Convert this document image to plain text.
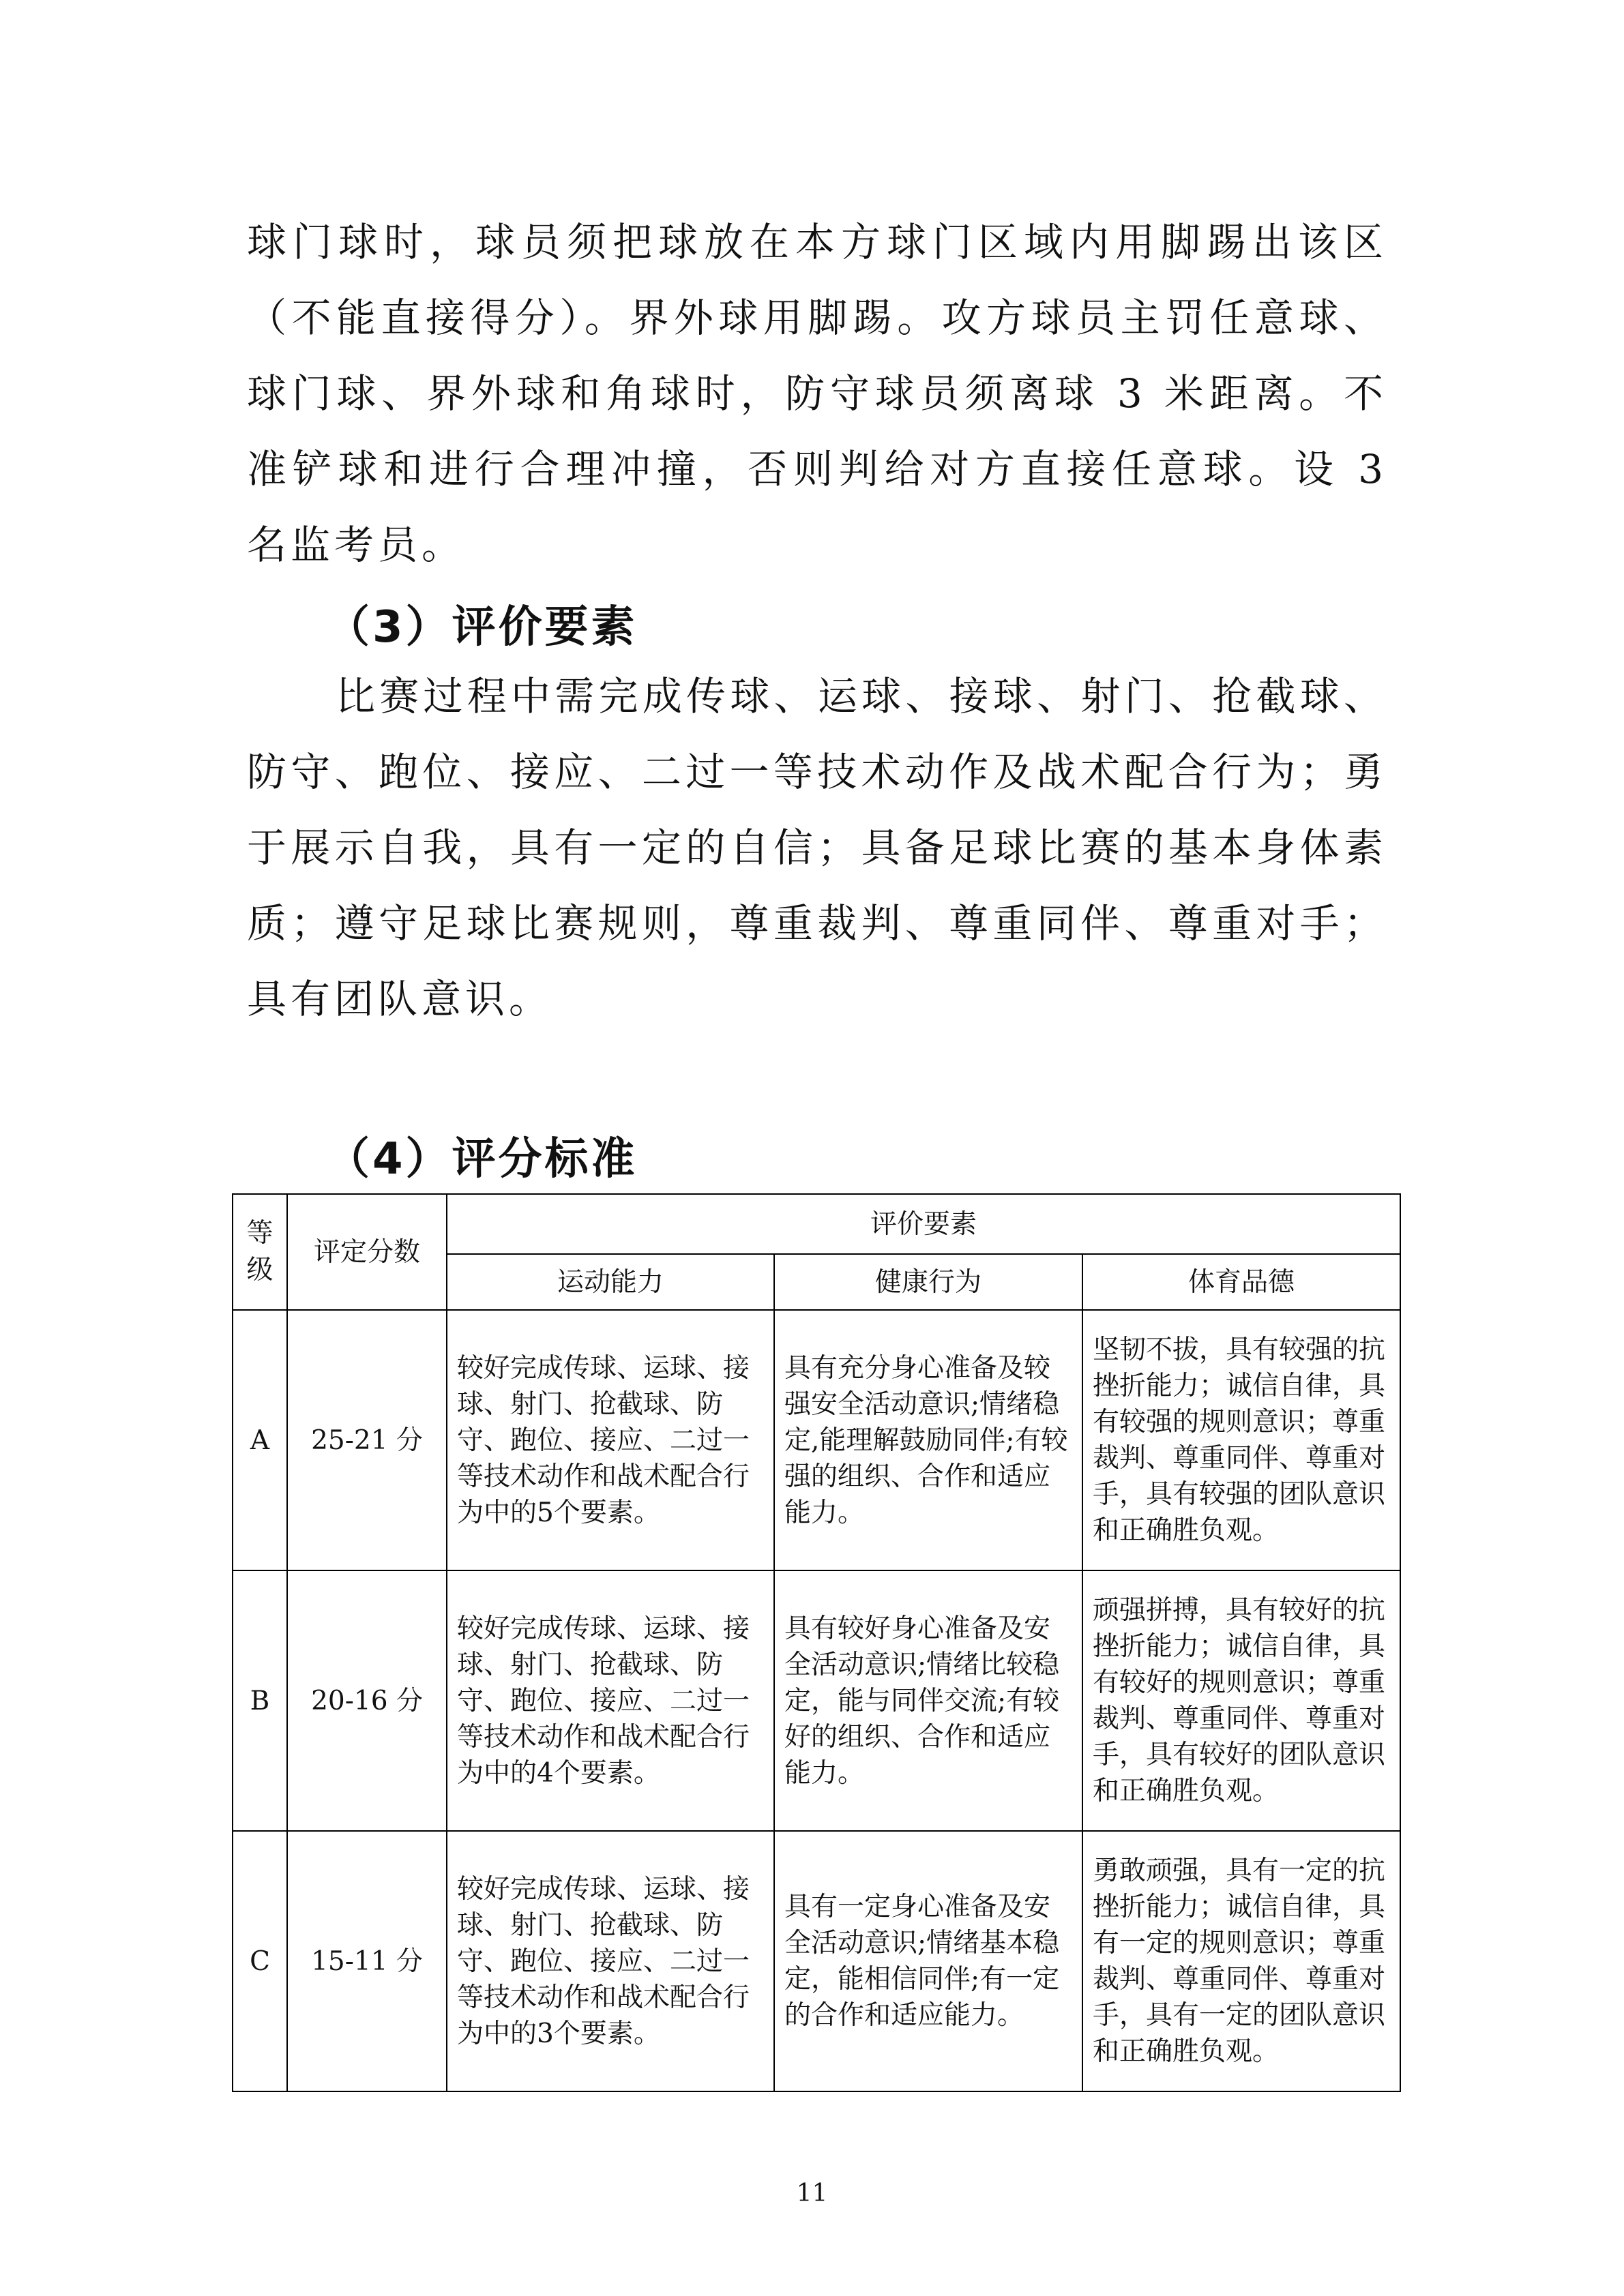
球门球时，球员须把球放在本方球门区域内用脚踢出该区（不能直接得分）。界外球用脚踢。攻方球员主罚任意球、球门球、界外球和角球时，防守球员须离球 3 米距离。不准铲球和进行合理冲撞，否则判给对方直接任意球。设 3 名监考员。
（3）评价要素
比赛过程中需完成传球、运球、接球、射门、抢截球、防守、跑位、接应、二过一等技术动作及战术配合行为；勇于展示自我，具有一定的自信；具备足球比赛的基本身体素质；遵守足球比赛规则，尊重裁判、尊重同伴、尊重对手；具有团队意识。
（4）评分标准
等级	评定分数	评价要素		
		运动能力	健康行为	体育品德
A	25-21 分	较好完成传球、运球、接球、射门、抢截球、防守、跑位、接应、二过一等技术动作和战术配合行为中的5个要素。	具有充分身心准备及较强安全活动意识;情绪稳定,能理解鼓励同伴;有较强的组织、合作和适应能力。	坚韧不拔，具有较强的抗挫折能力；诚信自律，具有较强的规则意识；尊重裁判、尊重同伴、尊重对手，具有较强的团队意识和正确胜负观。
B	20-16 分	较好完成传球、运球、接球、射门、抢截球、防守、跑位、接应、二过一等技术动作和战术配合行为中的4个要素。	具有较好身心准备及安全活动意识;情绪比较稳定，能与同伴交流;有较好的组织、合作和适应能力。	顽强拼搏，具有较好的抗挫折能力；诚信自律，具有较好的规则意识；尊重裁判、尊重同伴、尊重对手，具有较好的团队意识和正确胜负观。
C	15-11 分	较好完成传球、运球、接球、射门、抢截球、防守、跑位、接应、二过一等技术动作和战术配合行为中的3个要素。	具有一定身心准备及安全活动意识;情绪基本稳定，能相信同伴;有一定的合作和适应能力。	勇敢顽强，具有一定的抗挫折能力；诚信自律，具有一定的规则意识；尊重裁判、尊重同伴、尊重对手，具有一定的团队意识和正确胜负观。
11
